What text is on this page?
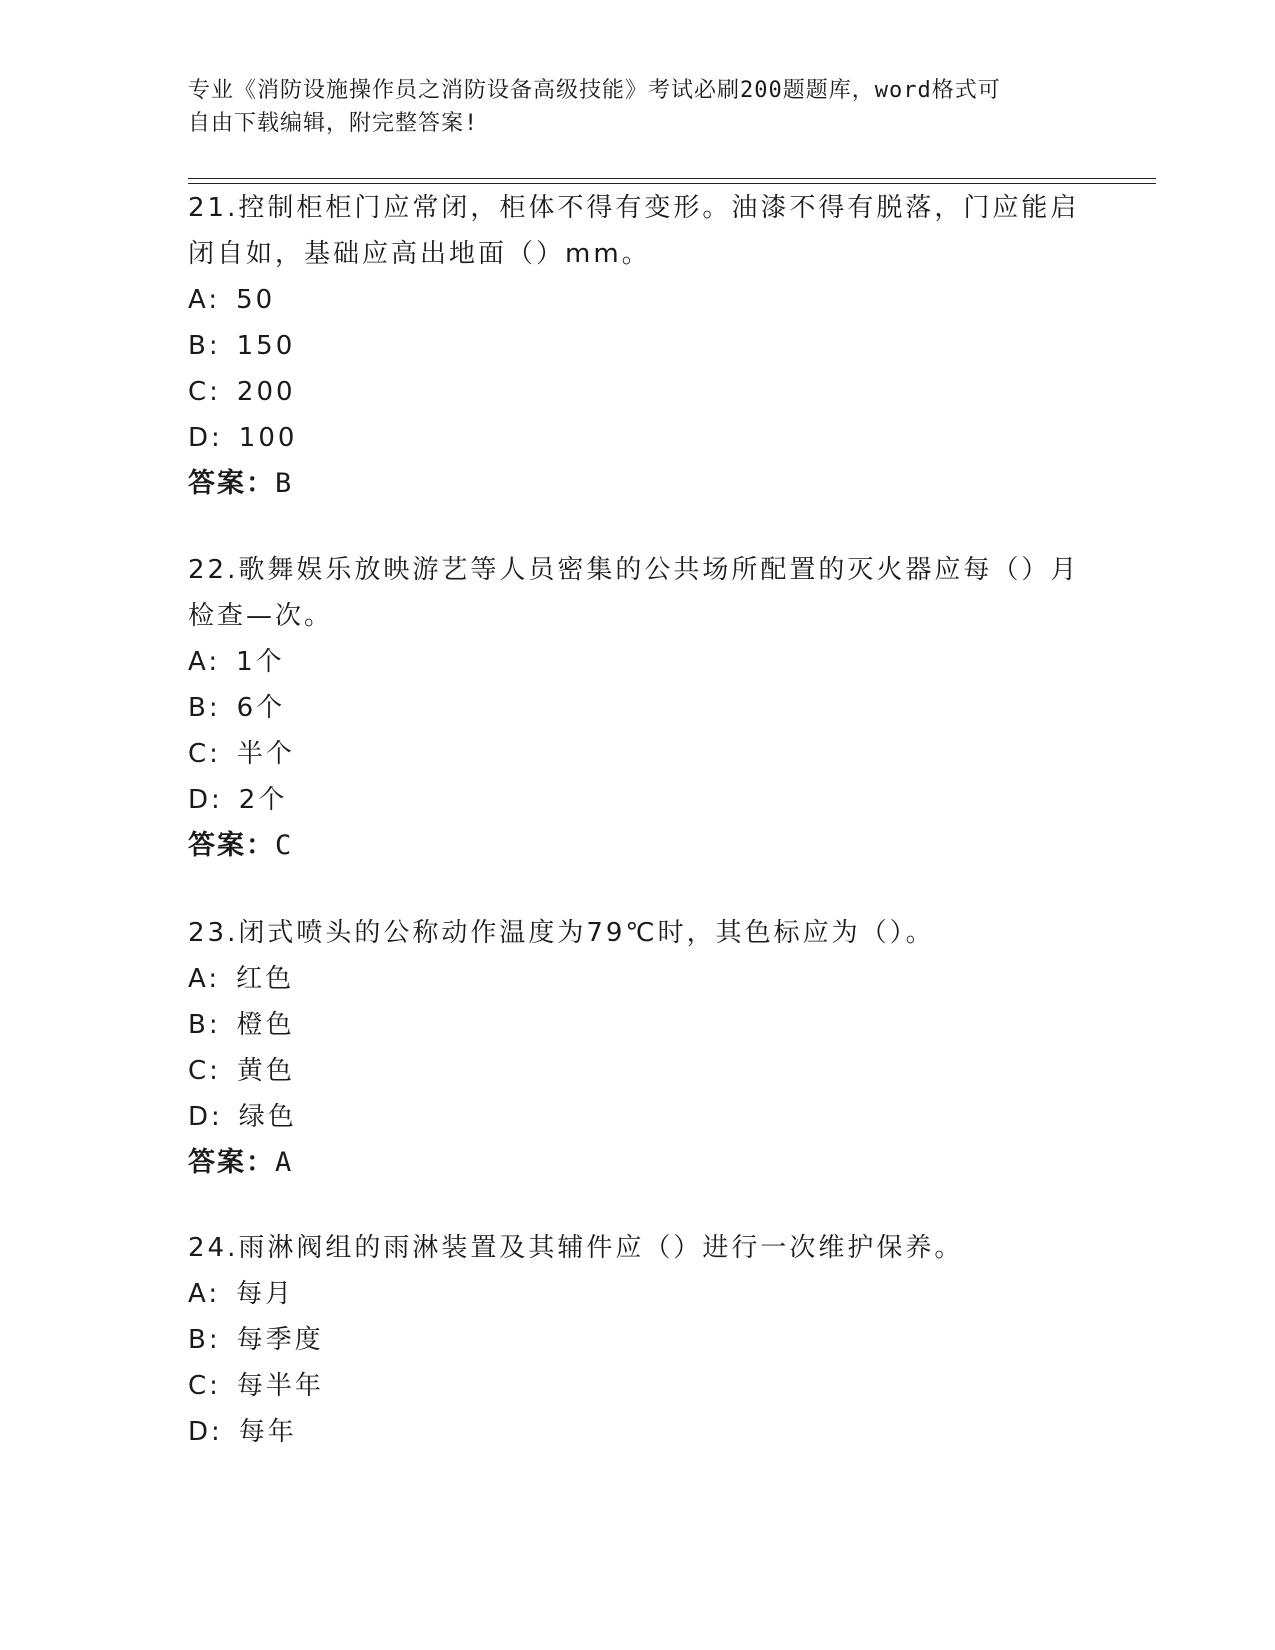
专业《消防设施操作员之消防设备高级技能》考试必刷200题题库，word格式可
自由下载编辑，附完整答案!
21.控制柜柜门应常闭，柜体不得有变形。油漆不得有脱落，门应能启
闭自如，基础应高出地面（）mm。
A: 50
B: 150
C: 200
D: 100
答案：B
22.歌舞娱乐放映游艺等人员密集的公共场所配置的灭火器应每（）月
检查—次。
A: 1个
B: 6个
C: 半个
D: 2个
答案：C
23.闭式喷头的公称动作温度为79℃时，其色标应为（）。
A: 红色
B: 橙色
C: 黄色
D: 绿色
答案：A
24.雨淋阀组的雨淋装置及其辅件应（）进行一次维护保养。
A: 每月
B: 每季度
C: 每半年
D: 每年
